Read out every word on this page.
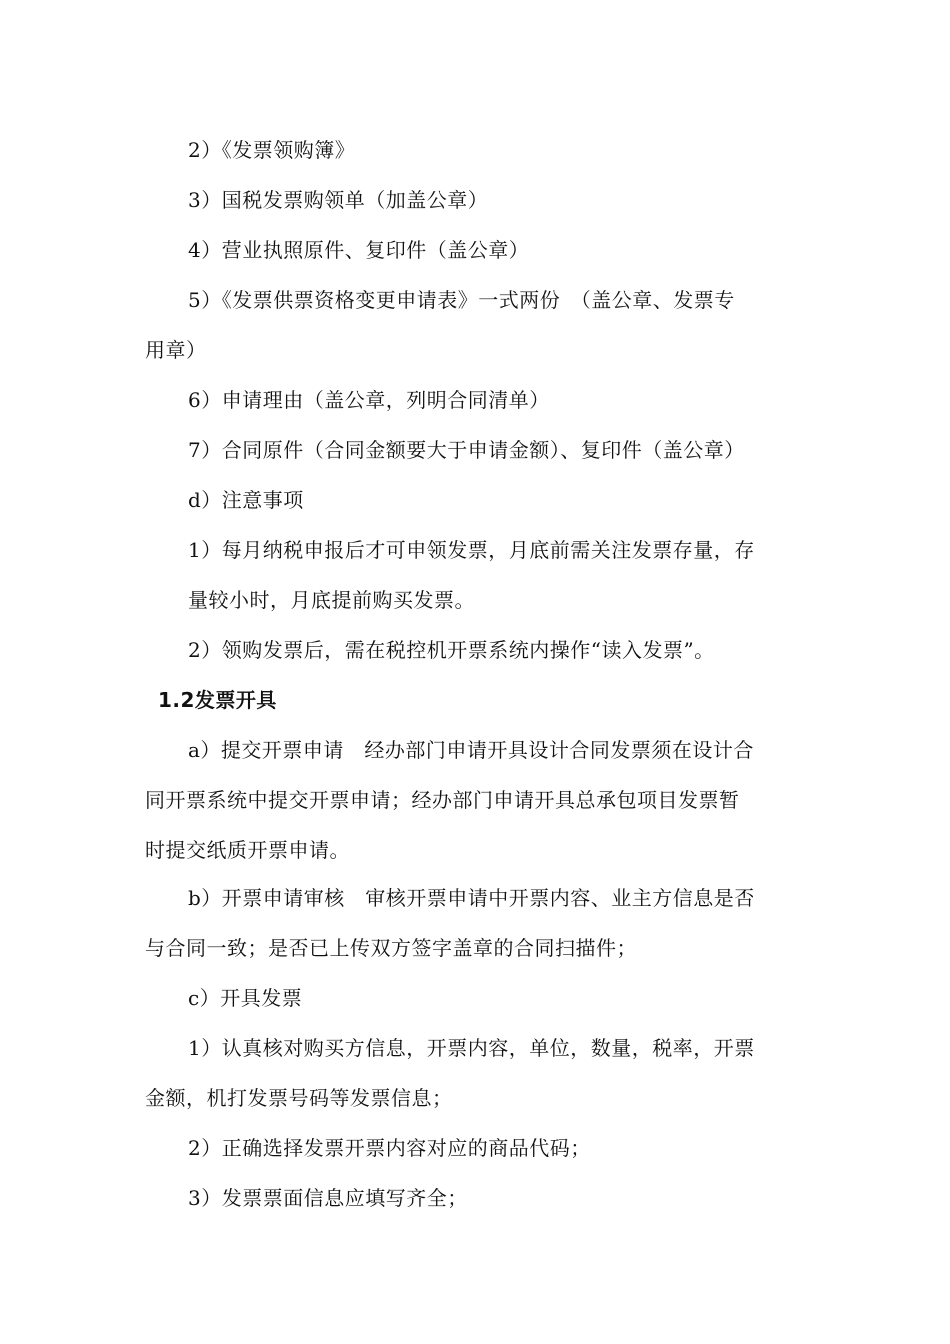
2）《发票领购簿》

3）国税发票购领单（加盖公章）

4）营业执照原件、复印件（盖公章）

5）《发票供票资格变更申请表》一式两份　（盖公章、发票专

用章）

6）申请理由（盖公章，列明合同清单）

7）合同原件（合同金额要大于申请金额）、复印件（盖公章）

d）注意事项

1）每月纳税申报后才可申领发票，月底前需关注发票存量，存

量较小时，月底提前购买发票。

2）领购发票后，需在税控机开票系统内操作“读入发票”。

1.2发票开具

a）提交开票申请　经办部门申请开具设计合同发票须在设计合

同开票系统中提交开票申请；经办部门申请开具总承包项目发票暂

时提交纸质开票申请。

b）开票申请审核　审核开票申请中开票内容、业主方信息是否

与合同一致；是否已上传双方签字盖章的合同扫描件；

c）开具发票

1）认真核对购买方信息，开票内容，单位，数量，税率，开票

金额，机打发票号码等发票信息；

2）正确选择发票开票内容对应的商品代码；

3）发票票面信息应填写齐全；
